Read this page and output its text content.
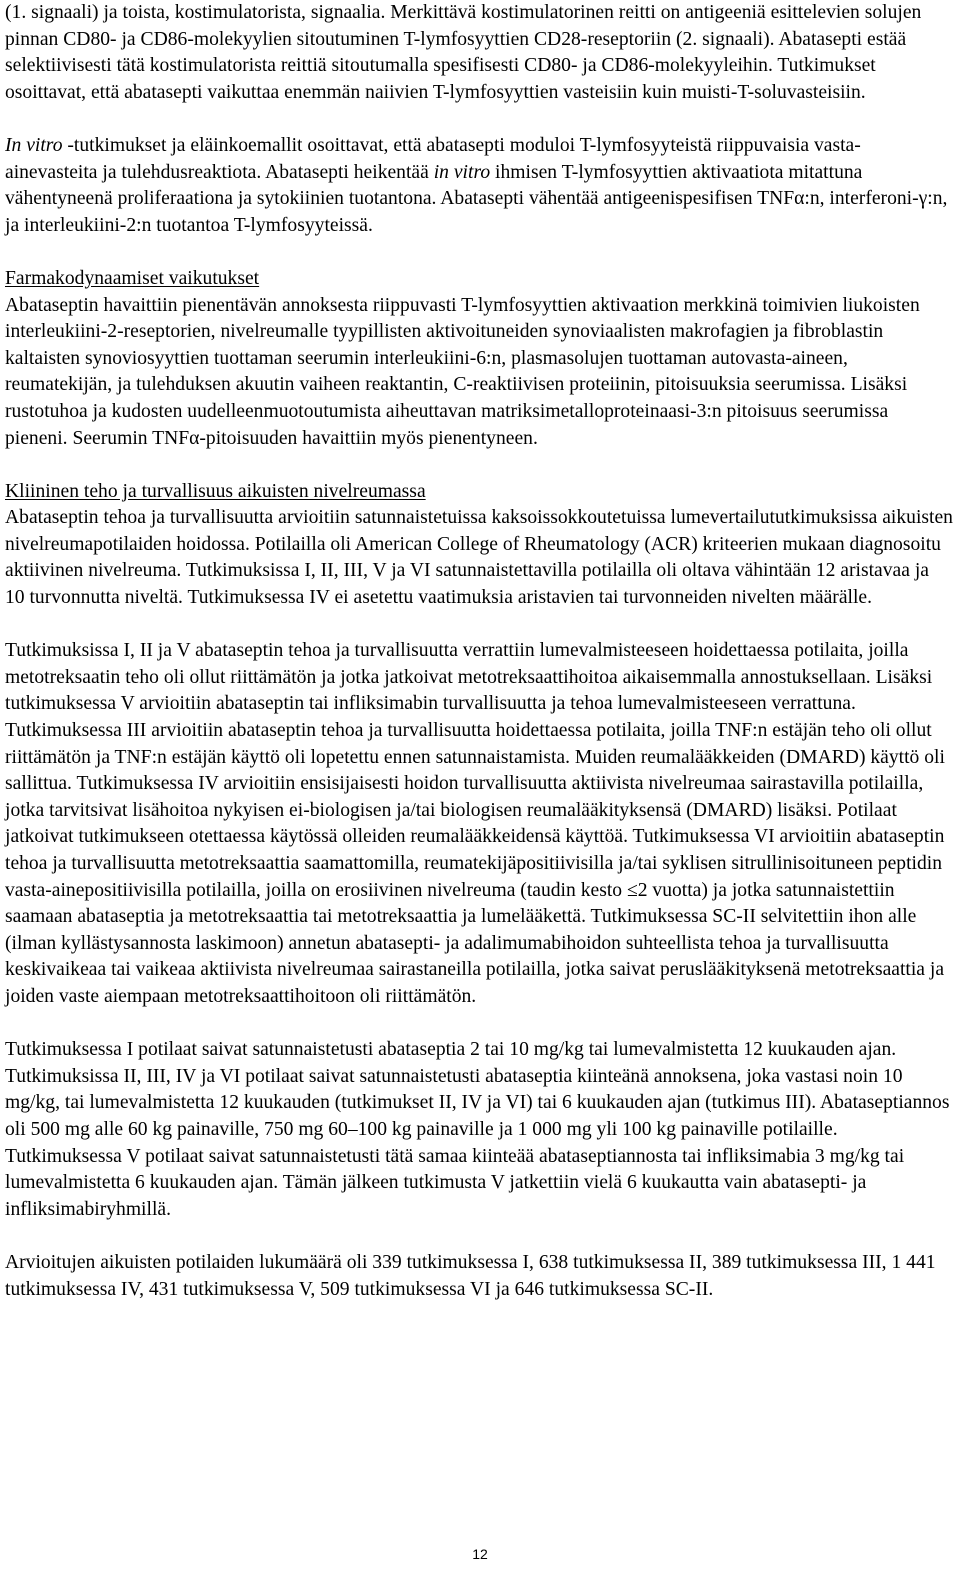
(1. signaali) ja toista, kostimulatorista, signaalia. Merkittävä kostimulatorinen reitti on antigeeniä esittelevien solujen pinnan CD80- ja CD86-molekyylien sitoutuminen T-lymfosyyttien CD28-reseptoriin (2. signaali). Abatasepti estää selektiivisesti tätä kostimulatorista reittiä sitoutumalla spesifisesti CD80- ja CD86-molekyyleihin. Tutkimukset osoittavat, että abatasepti vaikuttaa enemmän naiivien T-lymfosyyttien vasteisiin kuin muisti-T-soluvasteisiin.

In vitro -tutkimukset ja eläinkoemallit osoittavat, että abatasepti moduloi T-lymfosyyteistä riippuvaisia vasta-ainevasteita ja tulehdusreaktiota. Abatasepti heikentää in vitro ihmisen T-lymfosyyttien aktivaatiota mitattuna vähentyneenä proliferaationa ja sytokiinien tuotantona. Abatasepti vähentää antigeenispesifisen TNFα:n, interferoni-γ:n, ja interleukiini-2:n tuotantoa T-lymfosyyteissä.

Farmakodynaamiset vaikutukset

Abataseptin havaittiin pienentävän annoksesta riippuvasti T-lymfosyyttien aktivaation merkkinä toimivien liukoisten interleukiini-2-reseptorien, nivelreumalle tyypillisten aktivoituneiden synoviaalisten makrofagien ja fibroblastin kaltaisten synoviosyyttien tuottaman seerumin interleukiini-6:n, plasmasolujen tuottaman autovasta-aineen, reumatekijän, ja tulehduksen akuutin vaiheen reaktantin, C-reaktiivisen proteiinin, pitoisuuksia seerumissa. Lisäksi rustotuhoa ja kudosten uudelleenmuotoutumista aiheuttavan matriksimetalloproteinaasi-3:n pitoisuus seerumissa pieneni. Seerumin TNFα-pitoisuuden havaittiin myös pienentyneen.

Kliininen teho ja turvallisuus aikuisten nivelreumassa

Abataseptin tehoa ja turvallisuutta arvioitiin satunnaistetuissa kaksoissokkoutetuissa lumevertailututkimuksissa aikuisten nivelreumapotilaiden hoidossa. Potilailla oli American College of Rheumatology (ACR) kriteerien mukaan diagnosoitu aktiivinen nivelreuma. Tutkimuksissa I, II, III, V ja VI satunnaistettavilla potilailla oli oltava vähintään 12 aristavaa ja 10 turvonnutta niveltä. Tutkimuksessa IV ei asetettu vaatimuksia aristavien tai turvonneiden nivelten määrälle.

Tutkimuksissa I, II ja V abataseptin tehoa ja turvallisuutta verrattiin lumevalmisteeseen hoidettaessa potilaita, joilla metotreksaatin teho oli ollut riittämätön ja jotka jatkoivat metotreksaattihoitoa aikaisemmalla annostuksellaan. Lisäksi tutkimuksessa V arvioitiin abataseptin tai infliksimabin turvallisuutta ja tehoa lumevalmisteeseen verrattuna. Tutkimuksessa III arvioitiin abataseptin tehoa ja turvallisuutta hoidettaessa potilaita, joilla TNF:n estäjän teho oli ollut riittämätön ja TNF:n estäjän käyttö oli lopetettu ennen satunnaistamista. Muiden reumalääkkeiden (DMARD) käyttö oli sallittua. Tutkimuksessa IV arvioitiin ensisijaisesti hoidon turvallisuutta aktiivista nivelreumaa sairastavilla potilailla, jotka tarvitsivat lisähoitoa nykyisen ei-biologisen ja/tai biologisen reumalääkityksensä (DMARD) lisäksi. Potilaat jatkoivat tutkimukseen otettaessa käytössä olleiden reumalääkkeidensä käyttöä. Tutkimuksessa VI arvioitiin abataseptin tehoa ja turvallisuutta metotreksaattia saamattomilla, reumatekijäpositiivisilla ja/tai syklisen sitrullinisoituneen peptidin vasta-ainepositiivisilla potilailla, joilla on erosiivinen nivelreuma (taudin kesto ≤2 vuotta) ja jotka satunnaistettiin saamaan abataseptia ja metotreksaattia tai metotreksaattia ja lumelääkettä. Tutkimuksessa SC-II selvitettiin ihon alle (ilman kyllästysannosta laskimoon) annetun abatasepti- ja adalimumabihoidon suhteellista tehoa ja turvallisuutta keskivaikeaa tai vaikeaa aktiivista nivelreumaa sairastaneilla potilailla, jotka saivat peruslääkityksenä metotreksaattia ja joiden vaste aiempaan metotreksaattihoitoon oli riittämätön.

Tutkimuksessa I potilaat saivat satunnaistetusti abataseptia 2 tai 10 mg/kg tai lumevalmistetta 12 kuukauden ajan. Tutkimuksissa II, III, IV ja VI potilaat saivat satunnaistetusti abataseptia kiinteänä annoksena, joka vastasi noin 10 mg/kg, tai lumevalmistetta 12 kuukauden (tutkimukset II, IV ja VI) tai 6 kuukauden ajan (tutkimus III). Abataseptiannos oli 500 mg alle 60 kg painaville, 750 mg 60–100 kg painaville ja 1 000 mg yli 100 kg painaville potilaille. Tutkimuksessa V potilaat saivat satunnaistetusti tätä samaa kiinteää abataseptiannosta tai infliksimabia 3 mg/kg tai lumevalmistetta 6 kuukauden ajan. Tämän jälkeen tutkimusta V jatkettiin vielä 6 kuukautta vain abatasepti- ja infliksimabiryhmillä.

Arvioitujen aikuisten potilaiden lukumäärä oli 339 tutkimuksessa I, 638 tutkimuksessa II, 389 tutkimuksessa III, 1 441 tutkimuksessa IV, 431 tutkimuksessa V, 509 tutkimuksessa VI ja 646 tutkimuksessa SC-II.

12
